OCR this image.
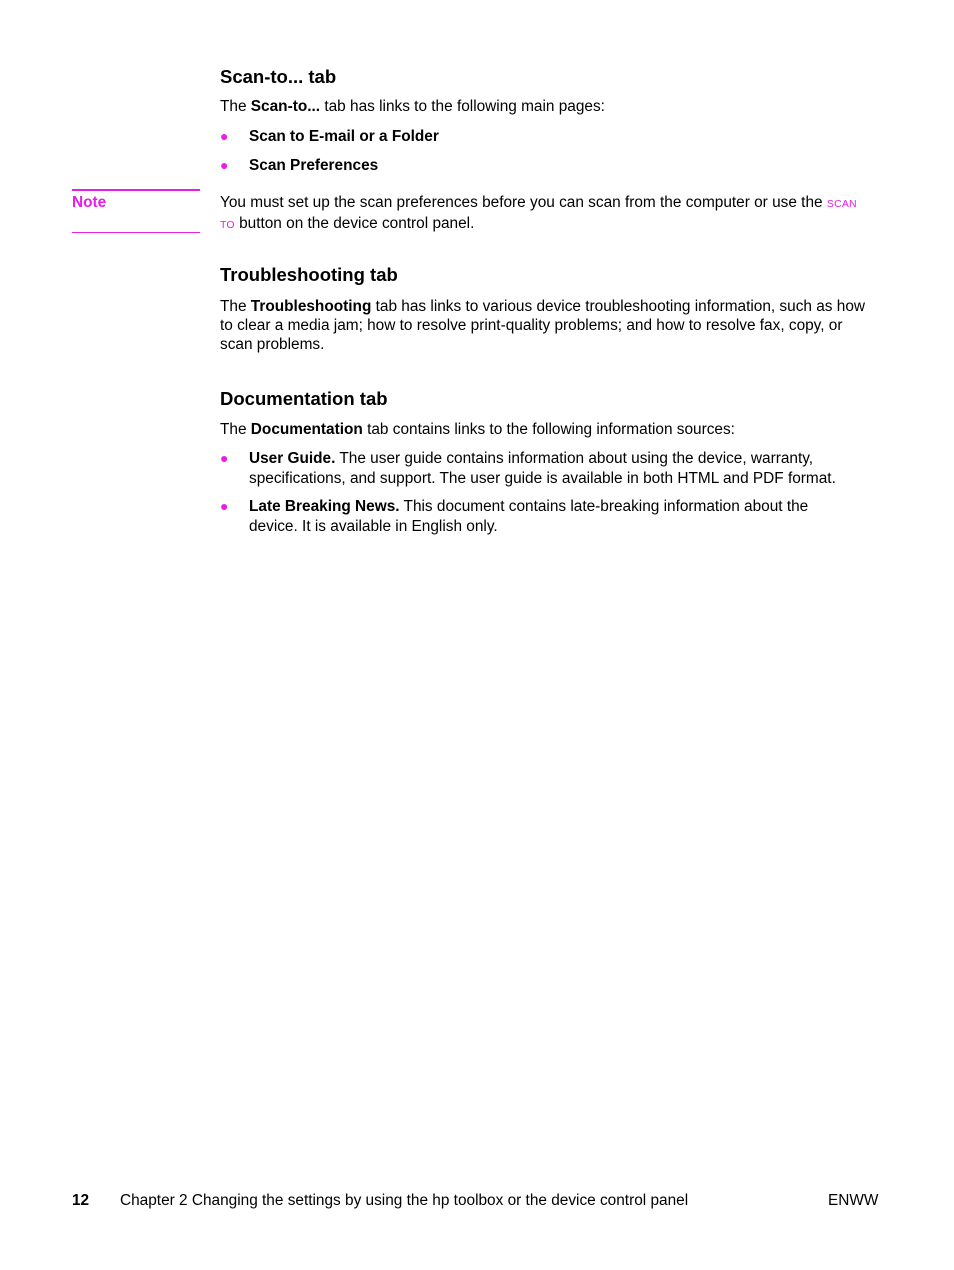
Scan-to... tab

The Scan-to... tab has links to the following main pages:

● Scan to E-mail or a Folder
● Scan Preferences
Note	You must set up the scan preferences before you can scan from the computer or use the SCAN
TO button on the device control panel.

Troubleshooting tab

The Troubleshooting tab has links to various device troubleshooting information, such as how
to clear a media jam; how to resolve print-quality problems; and how to resolve fax, copy, or
scan problems.

Documentation tab

The Documentation tab contains links to the following information sources:

● User Guide. The user guide contains information about using the device, warranty,
specifications, and support. The user guide is available in both HTML and PDF format.
● Late Breaking News. This document contains late-breaking information about the
device. It is available in English only.
12 Chapter 2 Changing the settings by using the hp toolbox or the device control panel	ENWW
